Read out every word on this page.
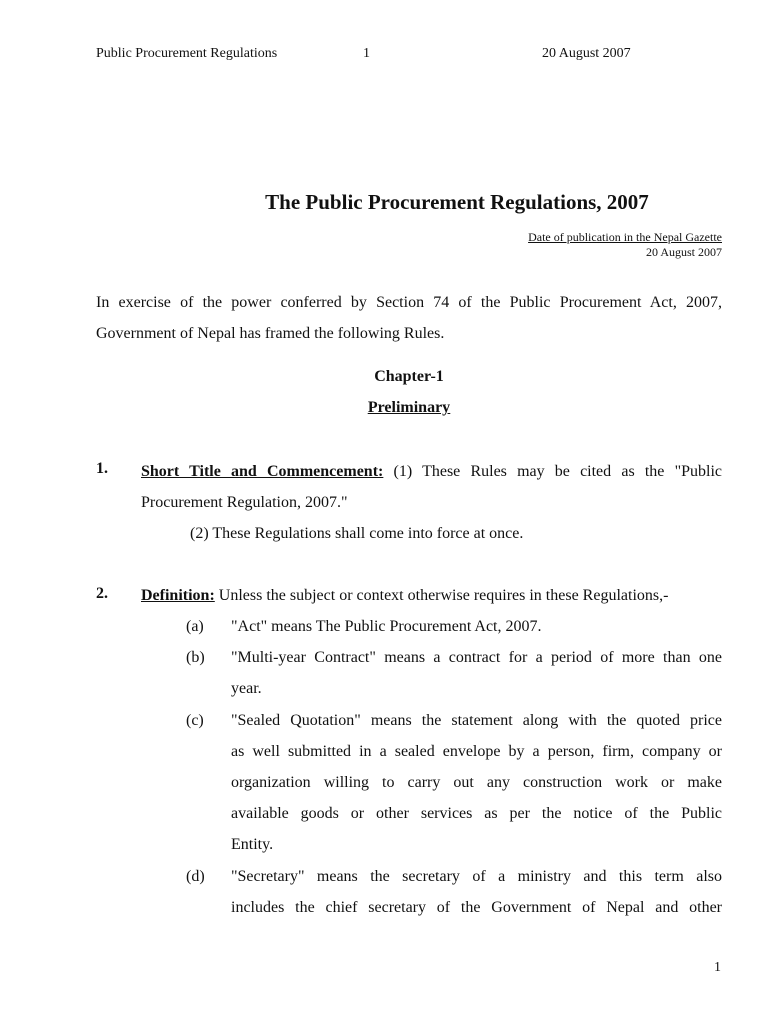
Public Procurement Regulations	1	20 August 2007
The Public Procurement Regulations, 2007
Date of publication in the Nepal Gazette
20 August 2007
In exercise of the power conferred by Section 74 of the Public Procurement Act, 2007,
Government of Nepal has framed the following Rules.
Chapter-1
Preliminary
1. Short Title and Commencement: (1) These Rules may be cited as the "Public
Procurement Regulation, 2007."
(2) These Regulations shall come into force at once.
2. Definition: Unless the subject or context otherwise requires in these Regulations,-
(a) "Act" means The Public Procurement Act, 2007.
(b) "Multi-year Contract" means a contract for a period of more than one
year.
(c) "Sealed Quotation" means the statement along with the quoted price
as well submitted in a sealed envelope by a person, firm, company or
organization willing to carry out any construction work or make
available goods or other services as per the notice of the Public
Entity.
(d) "Secretary" means the secretary of a ministry and this term also
includes the chief secretary of the Government of Nepal and other
1
